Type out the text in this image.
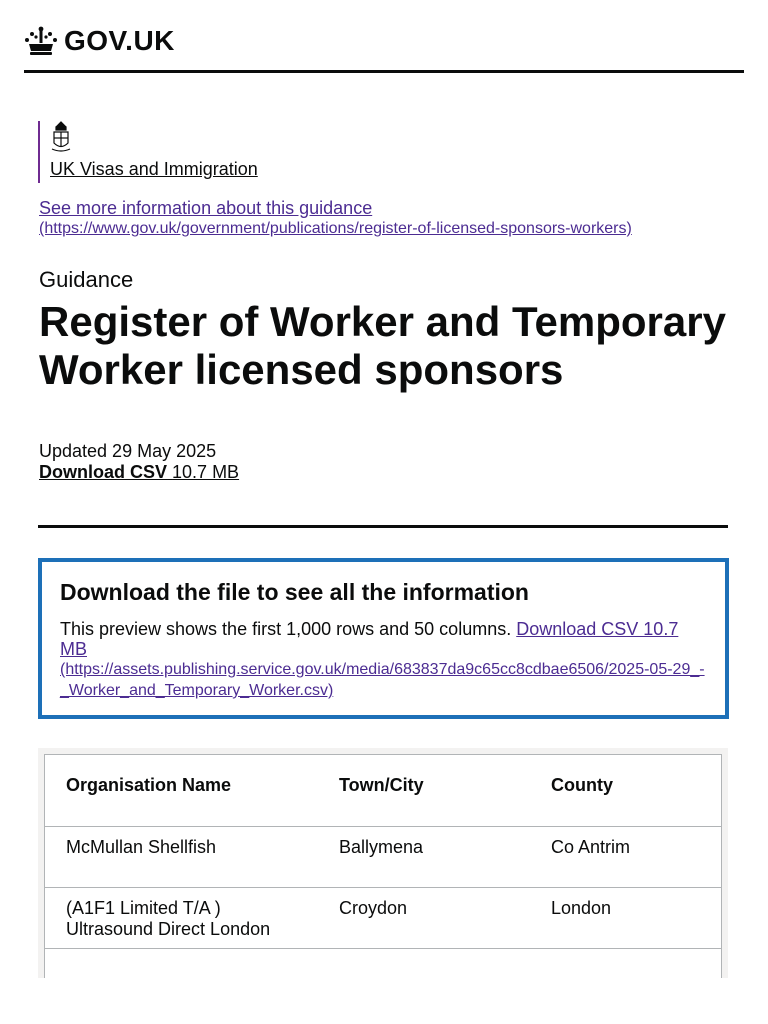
GOV.UK
UK Visas and Immigration
See more information about this guidance
(https://www.gov.uk/government/publications/register-of-licensed-sponsors-workers)
Guidance
Register of Worker and Temporary Worker licensed sponsors
Updated 29 May 2025
Download CSV 10.7 MB
Download the file to see all the information

This preview shows the first 1,000 rows and 50 columns. Download CSV 10.7 MB
(https://assets.publishing.service.gov.uk/media/683837da9c65cc8cdbae6506/2025-05-29_-_Worker_and_Temporary_Worker.csv)

Organisation Name	Town/City	County
McMullan Shellfish	Ballymena	Co Antrim
(A1F1 Limited T/A ) Ultrasound Direct London	Croydon	London
